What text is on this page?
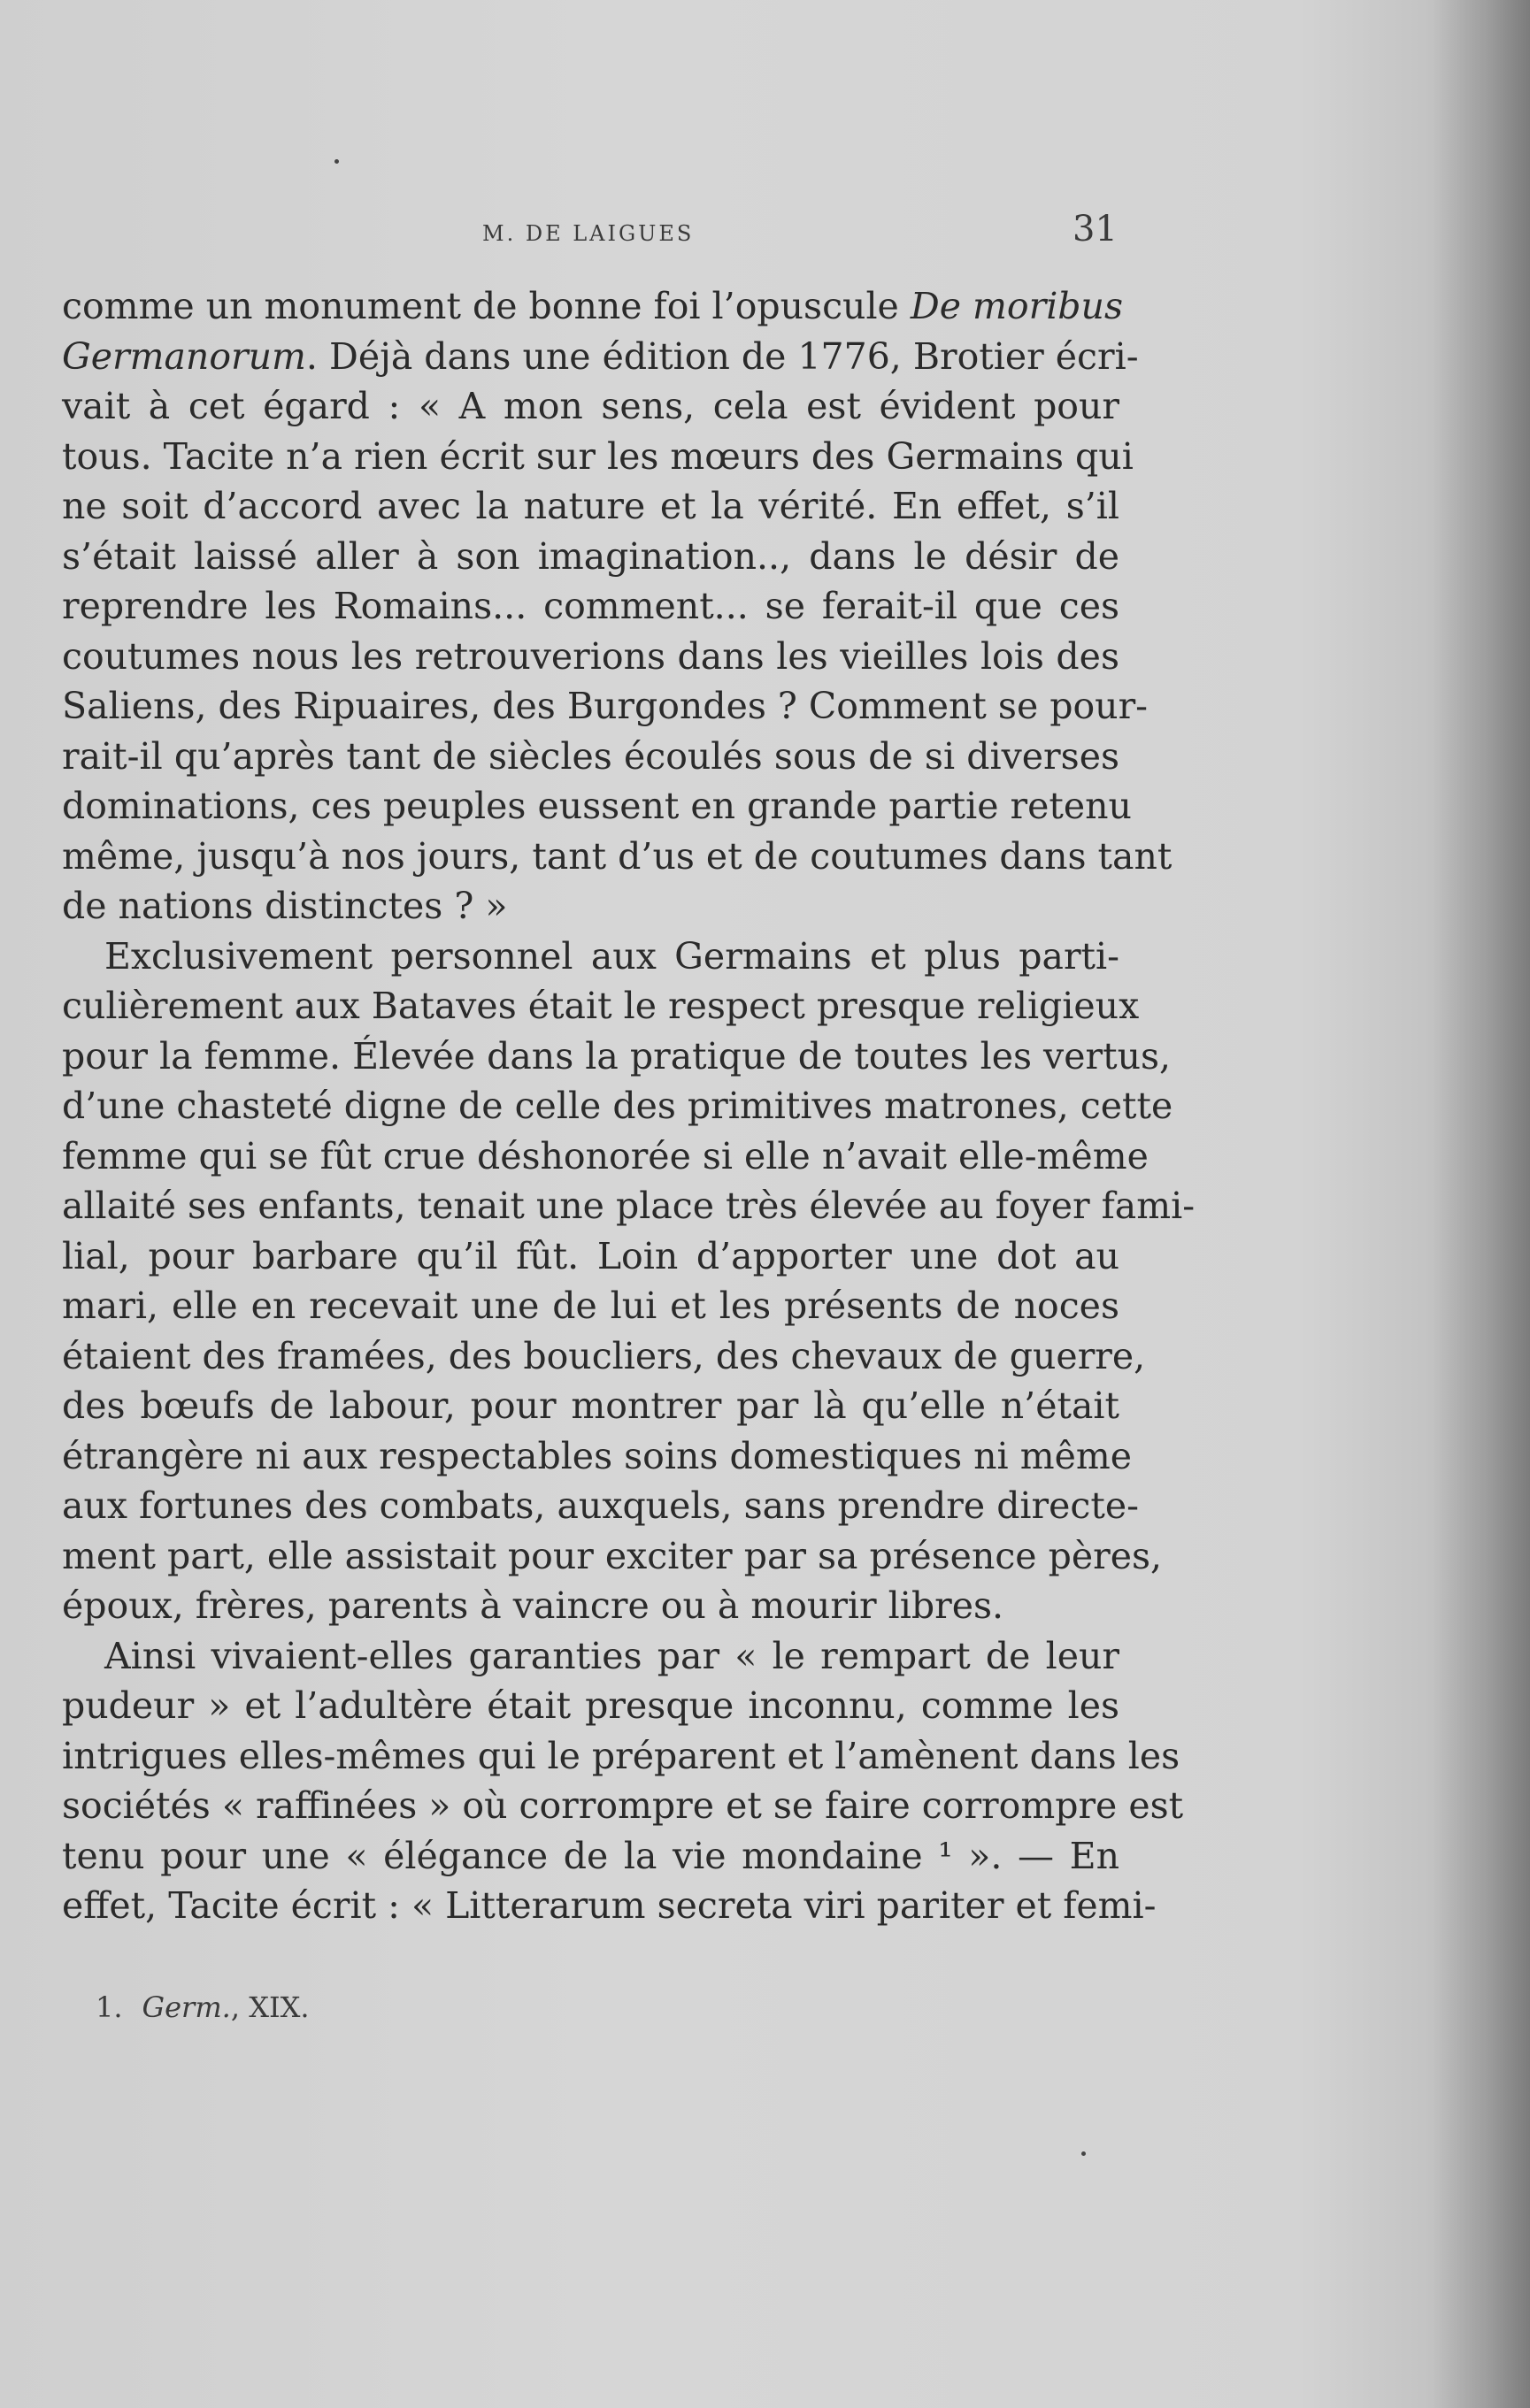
M. DE LAIGUES	31
comme un monument de bonne foi l’opuscule De moribus
Germanorum. Déjà dans une édition de 1776, Brotier écri-
vait à cet égard : « A mon sens, cela est évident pour
tous. Tacite n’a rien écrit sur les mœurs des Germains qui
ne soit d’accord avec la nature et la vérité. En effet, s’il
s’était laissé aller à son imagination.., dans le désir de
reprendre les Romains... comment... se ferait-il que ces
coutumes nous les retrouverions dans les vieilles lois des
Saliens, des Ripuaires, des Burgondes ? Comment se pour-
rait-il qu’après tant de siècles écoulés sous de si diverses
dominations, ces peuples eussent en grande partie retenu
même, jusqu’à nos jours, tant d’us et de coutumes dans tant
de nations distinctes ? »
Exclusivement personnel aux Germains et plus parti-
culièrement aux Bataves était le respect presque religieux
pour la femme. Élevée dans la pratique de toutes les vertus,
d’une chasteté digne de celle des primitives matrones, cette
femme qui se fût crue déshonorée si elle n’avait elle-même
allaité ses enfants, tenait une place très élevée au foyer fami-
lial, pour barbare qu’il fût. Loin d’apporter une dot au
mari, elle en recevait une de lui et les présents de noces
étaient des framées, des boucliers, des chevaux de guerre,
des bœufs de labour, pour montrer par là qu’elle n’était
étrangère ni aux respectables soins domestiques ni même
aux fortunes des combats, auxquels, sans prendre directe-
ment part, elle assistait pour exciter par sa présence pères,
époux, frères, parents à vaincre ou à mourir libres.
Ainsi vivaient-elles garanties par « le rempart de leur
pudeur » et l’adultère était presque inconnu, comme les
intrigues elles-mêmes qui le préparent et l’amènent dans les
sociétés « raffinées » où corrompre et se faire corrompre est
tenu pour une « élégance de la vie mondaine ¹ ». — En
effet, Tacite écrit : « Litterarum secreta viri pariter et femi-
1. Germ., XIX.
